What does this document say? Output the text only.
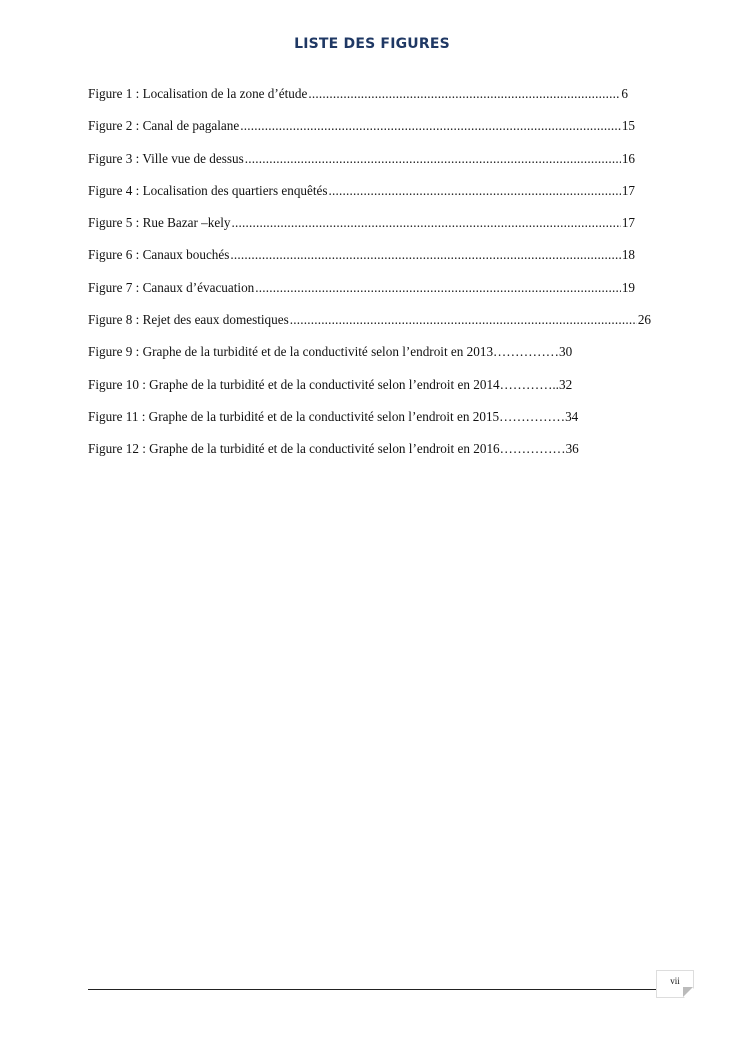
LISTE DES FIGURES
Figure 1 : Localisation de la zone d’étude .....	6
Figure 2 : Canal de pagalane .....	15
Figure 3 : Ville vue de dessus .....	16
Figure 4 : Localisation des quartiers enquêtés .....	17
Figure 5 : Rue Bazar –kely .....	17
Figure 6 : Canaux bouchés .....	18
Figure 7 : Canaux d’évacuation .....	19
Figure 8 : Rejet des eaux domestiques .....	26
Figure 9 : Graphe de la turbidité et de la conductivité selon l’endroit en 2013……………30
Figure 10 : Graphe de la turbidité et de la conductivité selon l’endroit en 2014…………..32
Figure 11 : Graphe de la turbidité et de la conductivité selon l’endroit en 2015……………34
Figure 12 : Graphe de la turbidité et de la conductivité selon l’endroit en 2016……………36
vii
